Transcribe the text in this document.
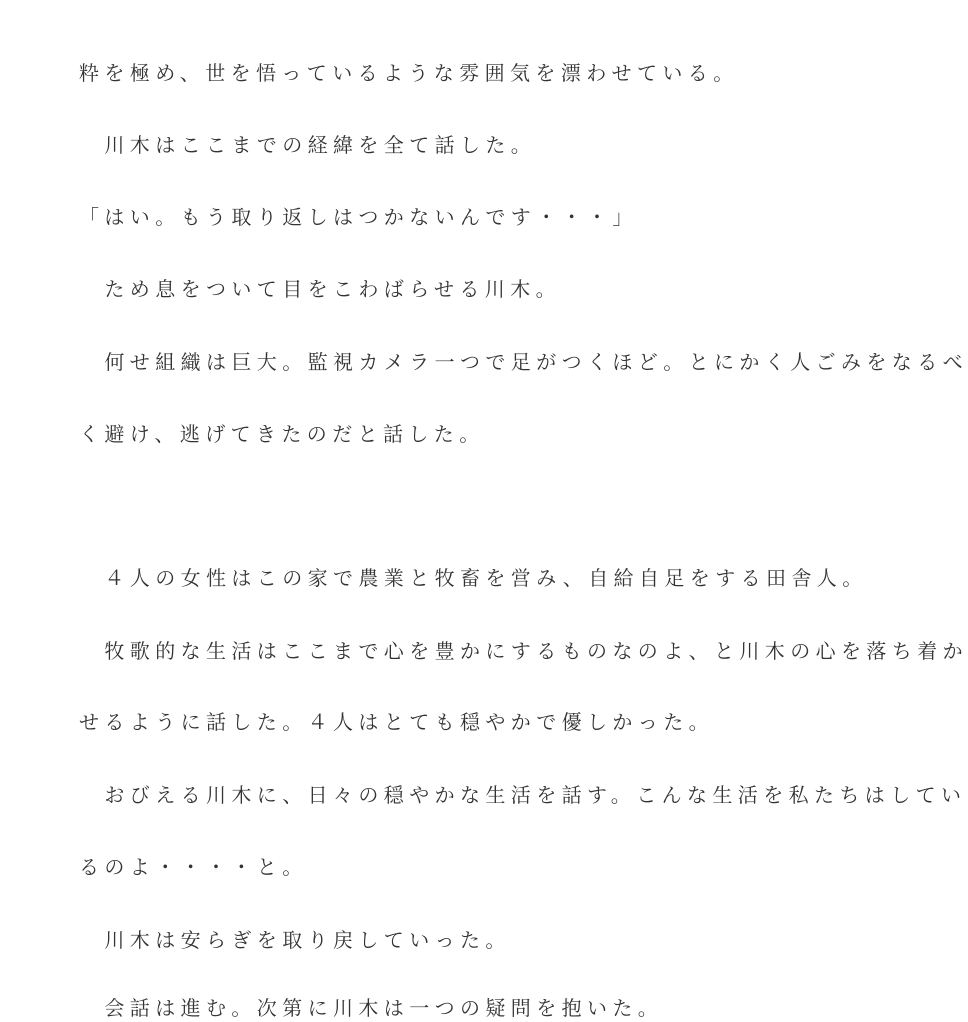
粋を極め、世を悟っているような雰囲気を漂わせている。
　川木はここまでの経緯を全て話した。
「はい。もう取り返しはつかないんです・・・」
　ため息をついて目をこわばらせる川木。
　何せ組織は巨大。監視カメラ一つで足がつくほど。とにかく人ごみをなるべ
く避け、逃げてきたのだと話した。
　４人の女性はこの家で農業と牧畜を営み、自給自足をする田舎人。
　牧歌的な生活はここまで心を豊かにするものなのよ、と川木の心を落ち着か
せるように話した。４人はとても穏やかで優しかった。
　おびえる川木に、日々の穏やかな生活を話す。こんな生活を私たちはしてい
るのよ・・・・と。
　川木は安らぎを取り戻していった。
　会話は進む。次第に川木は一つの疑問を抱いた。
